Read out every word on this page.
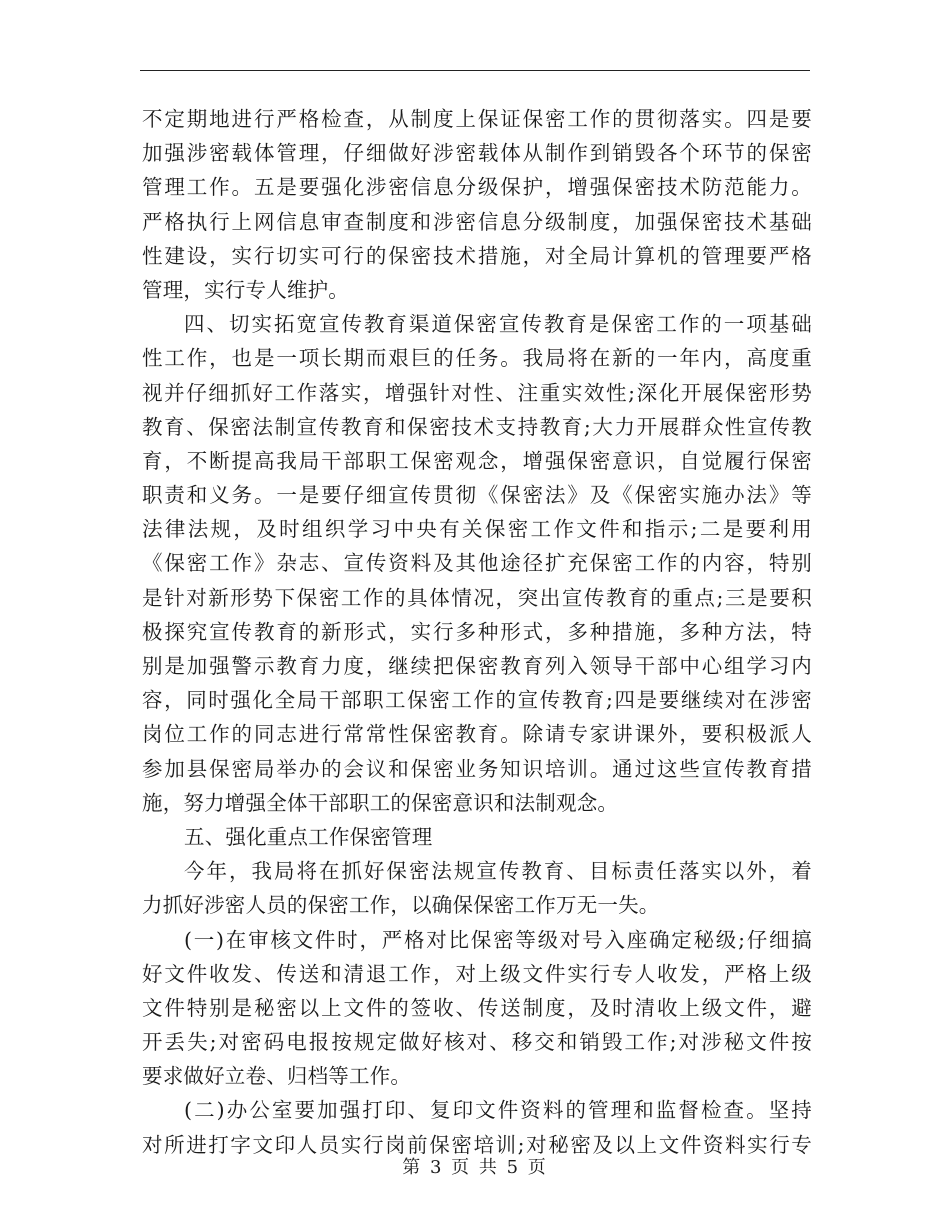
不定期地进行严格检查，从制度上保证保密工作的贯彻落实。四是要
加强涉密载体管理，仔细做好涉密载体从制作到销毁各个环节的保密
管理工作。五是要强化涉密信息分级保护，增强保密技术防范能力。
严格执行上网信息审查制度和涉密信息分级制度，加强保密技术基础
性建设，实行切实可行的保密技术措施，对全局计算机的管理要严格
管理，实行专人维护。
四、切实拓宽宣传教育渠道保密宣传教育是保密工作的一项基础
性工作，也是一项长期而艰巨的任务。我局将在新的一年内，高度重
视并仔细抓好工作落实，增强针对性、注重实效性;深化开展保密形势
教育、保密法制宣传教育和保密技术支持教育;大力开展群众性宣传教
育，不断提高我局干部职工保密观念，增强保密意识，自觉履行保密
职责和义务。一是要仔细宣传贯彻《保密法》及《保密实施办法》等
法律法规，及时组织学习中央有关保密工作文件和指示;二是要利用
《保密工作》杂志、宣传资料及其他途径扩充保密工作的内容，特别
是针对新形势下保密工作的具体情况，突出宣传教育的重点;三是要积
极探究宣传教育的新形式，实行多种形式，多种措施，多种方法，特
别是加强警示教育力度，继续把保密教育列入领导干部中心组学习内
容，同时强化全局干部职工保密工作的宣传教育;四是要继续对在涉密
岗位工作的同志进行常常性保密教育。除请专家讲课外，要积极派人
参加县保密局举办的会议和保密业务知识培训。通过这些宣传教育措
施，努力增强全体干部职工的保密意识和法制观念。
五、强化重点工作保密管理
今年，我局将在抓好保密法规宣传教育、目标责任落实以外，着
力抓好涉密人员的保密工作，以确保保密工作万无一失。
(一)在审核文件时，严格对比保密等级对号入座确定秘级;仔细搞
好文件收发、传送和清退工作，对上级文件实行专人收发，严格上级
文件特别是秘密以上文件的签收、传送制度，及时清收上级文件，避
开丢失;对密码电报按规定做好核对、移交和销毁工作;对涉秘文件按
要求做好立卷、归档等工作。
(二)办公室要加强打印、复印文件资料的管理和监督检查。坚持
对所进打字文印人员实行岗前保密培训;对秘密及以上文件资料实行专
第 3 页 共 5 页
